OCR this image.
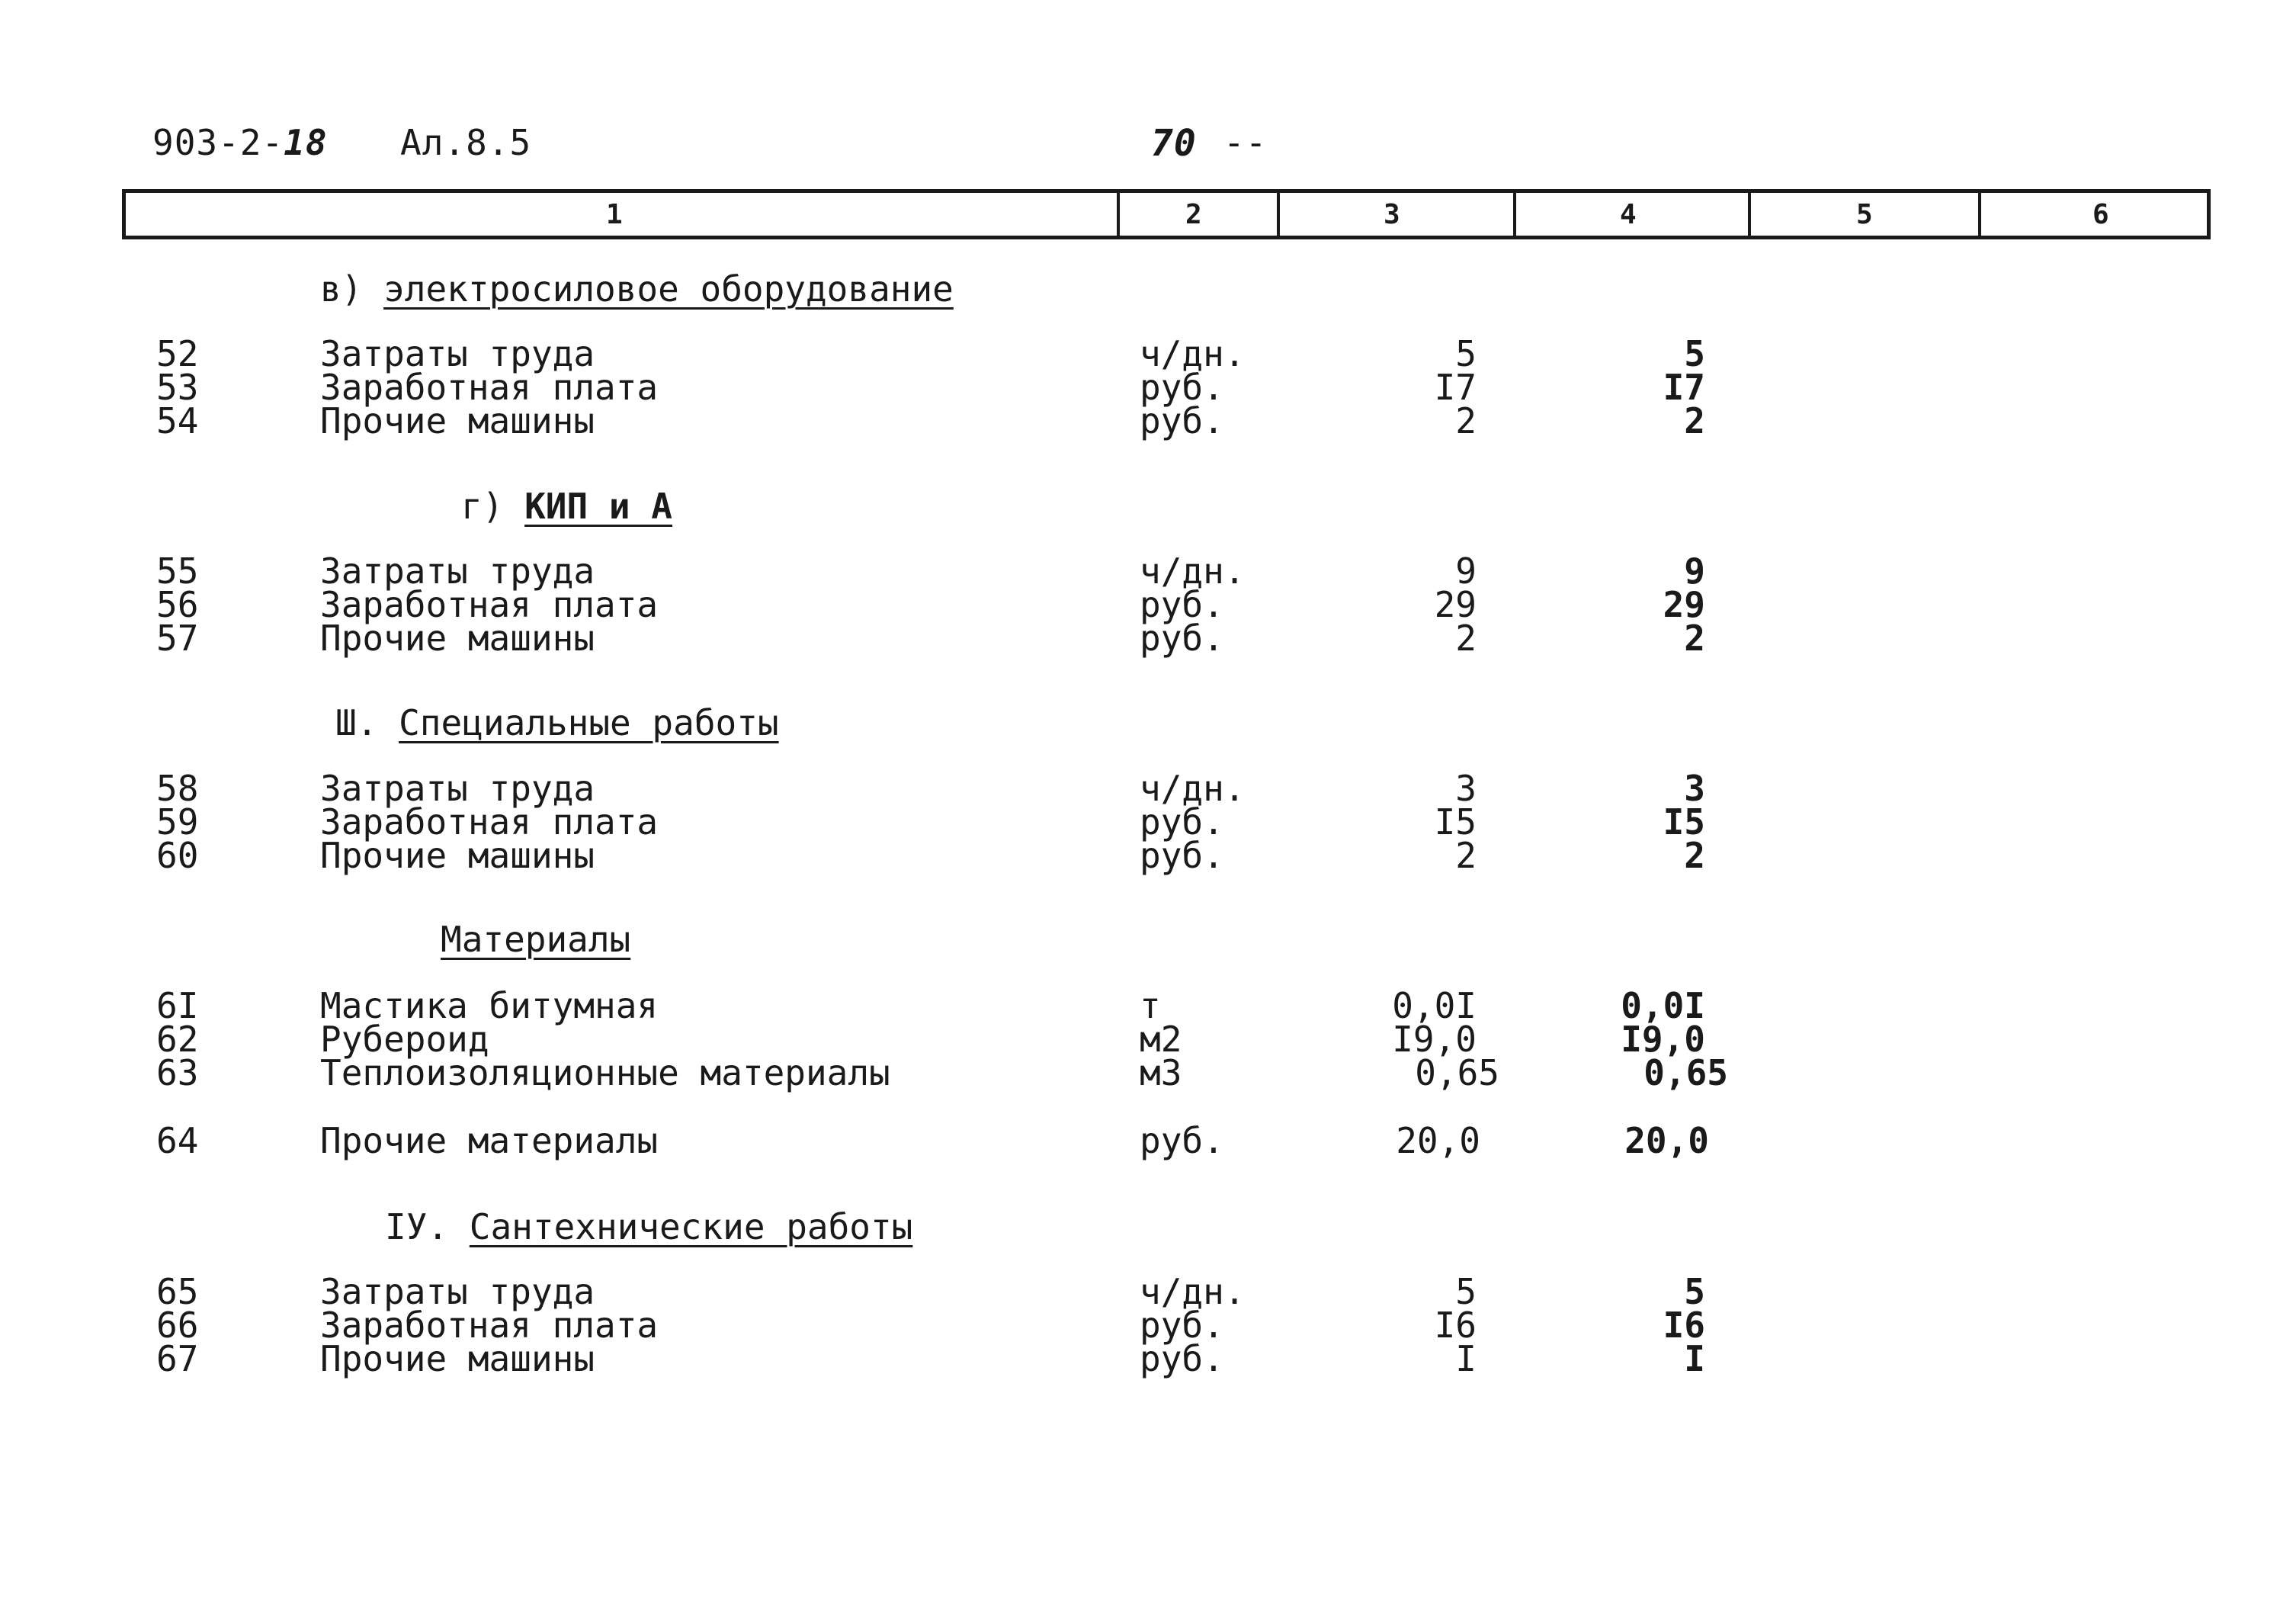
903-2-18 Ал.8.5	70 --
1	2	3	4	5	6
в) электросиловое оборудование
52	Затраты труда	ч/дн.	5	5
53	Заработная плата	руб.	I7	I7
54	Прочие машины	руб.	2	2
г) КИП и А
55	Затраты труда	ч/дн.	9	9
56	Заработная плата	руб.	29	29
57	Прочие машины	руб.	2	2
Ш. Специальные работы
58	Затраты труда	ч/дн.	3	3
59	Заработная плата	руб.	I5	I5
60	Прочие машины	руб.	2	2
Материалы
6I	Мастика битумная	т	0,0I	0,0I
62	Рубероид	м2	I9,0	I9,0
63	Теплоизоляционные материалы	м3	0,65	0,65
64	Прочие материалы	руб.	20,0	20,0
IУ. Сантехнические работы
65	Затраты труда	ч/дн.	5	5
66	Заработная плата	руб.	I6	I6
67	Прочие машины	руб.	I	I
